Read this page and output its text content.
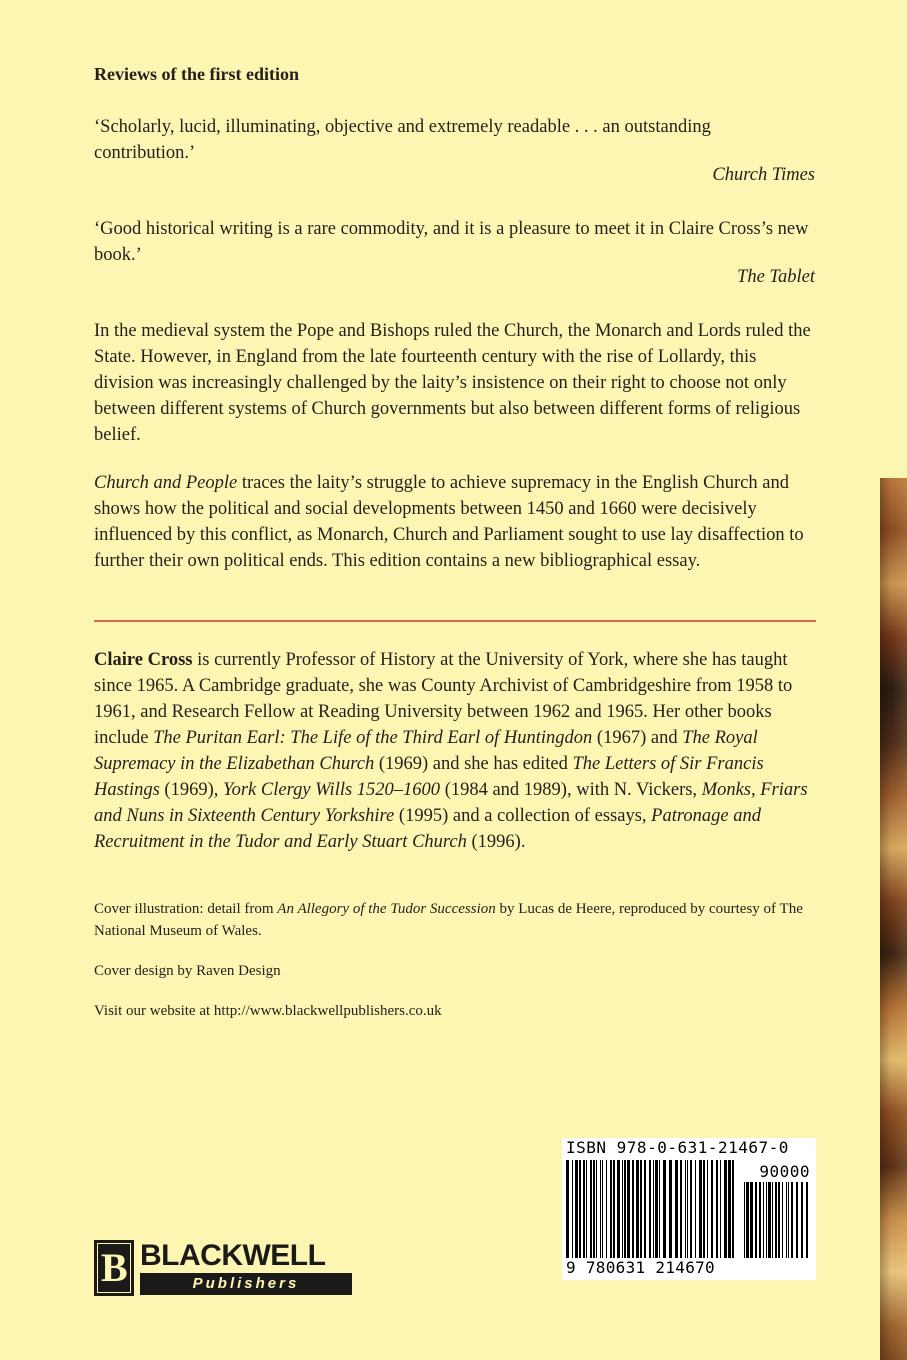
Reviews of the first edition

‘Scholarly, lucid, illuminating, objective and extremely readable . . . an outstanding contribution.’

Church Times

‘Good historical writing is a rare commodity, and it is a pleasure to meet it in Claire Cross’s new book.’

The Tablet

In the medieval system the Pope and Bishops ruled the Church, the Monarch and Lords ruled the State. However, in England from the late fourteenth century with the rise of Lollardy, this division was increasingly challenged by the laity’s insistence on their right to choose not only between different systems of Church governments but also between different forms of religious belief.

Church and People traces the laity’s struggle to achieve supremacy in the English Church and shows how the political and social developments between 1450 and 1660 were decisively influenced by this conflict, as Monarch, Church and Parliament sought to use lay disaffection to further their own political ends. This edition contains a new bibliographical essay.

Claire Cross is currently Professor of History at the University of York, where she has taught since 1965. A Cambridge graduate, she was County Archivist of Cambridgeshire from 1958 to 1961, and Research Fellow at Reading University between 1962 and 1965. Her other books include The Puritan Earl: The Life of the Third Earl of Huntingdon (1967) and The Royal Supremacy in the Elizabethan Church (1969) and she has edited The Letters of Sir Francis Hastings (1969), York Clergy Wills 1520–1600 (1984 and 1989), with N. Vickers, Monks, Friars and Nuns in Sixteenth Century Yorkshire (1995) and a collection of essays, Patronage and Recruitment in the Tudor and Early Stuart Church (1996).

Cover illustration: detail from An Allegory of the Tudor Succession by Lucas de Heere, reproduced by courtesy of The National Museum of Wales.

Cover design by Raven Design

Visit our website at http://www.blackwellpublishers.co.uk

ISBN 978-0-631-21467-0
90000
9 780631 214670
B BLACKWELL
Publishers
